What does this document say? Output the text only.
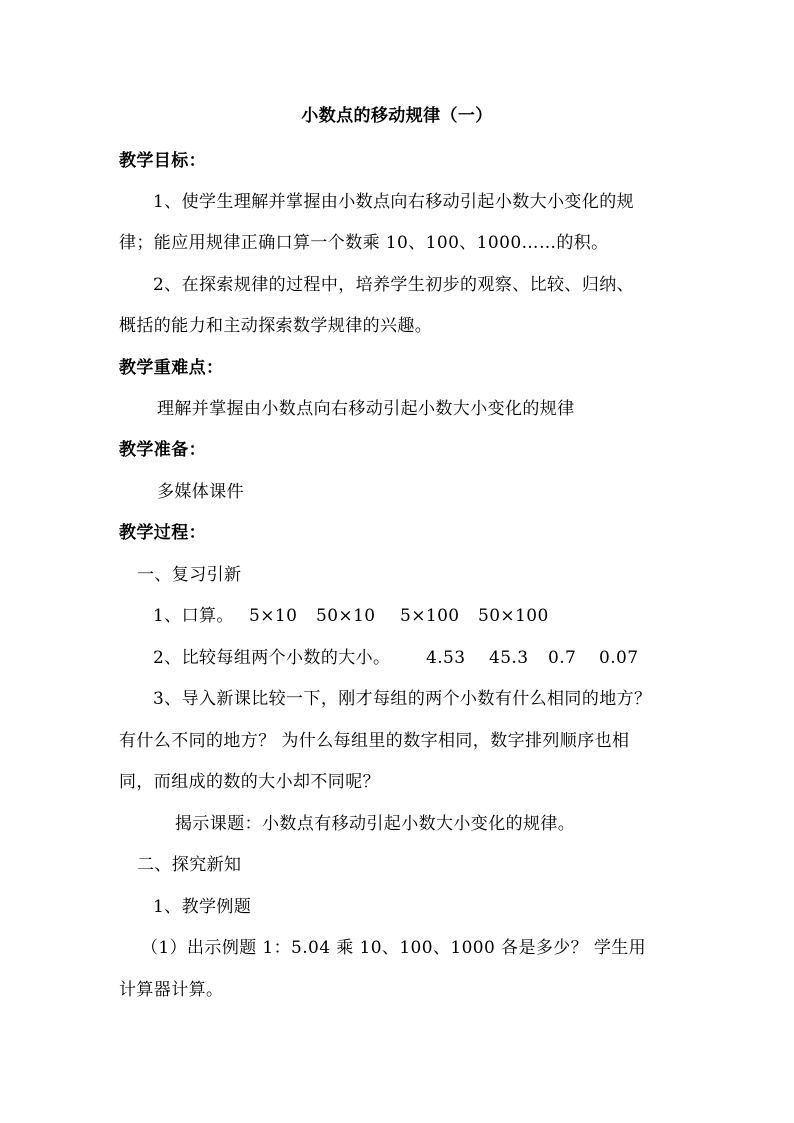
小数点的移动规律（一）
教学目标：
1、使学生理解并掌握由小数点向右移动引起小数大小变化的规
律；能应用规律正确口算一个数乘 10、100、1000……的积。
2、在探索规律的过程中，培养学生初步的观察、比较、归纳、
概括的能力和主动探索数学规律的兴趣。
教学重难点：
理解并掌握由小数点向右移动引起小数大小变化的规律
教学准备：
多媒体课件
教学过程：
一、复习引新
1、口算。 5×10 50×10 5×100 50×100
2、比较每组两个小数的大小。 4.53 45.3 0.7 0.07
3、导入新课比较一下，刚才每组的两个小数有什么相同的地方？
有什么不同的地方？ 为什么每组里的数字相同，数字排列顺序也相
同，而组成的数的大小却不同呢？
揭示课题：小数点有移动引起小数大小变化的规律。
二、探究新知
1、教学例题
（1）出示例题 1：5.04 乘 10、100、1000 各是多少？ 学生用
计算器计算。
